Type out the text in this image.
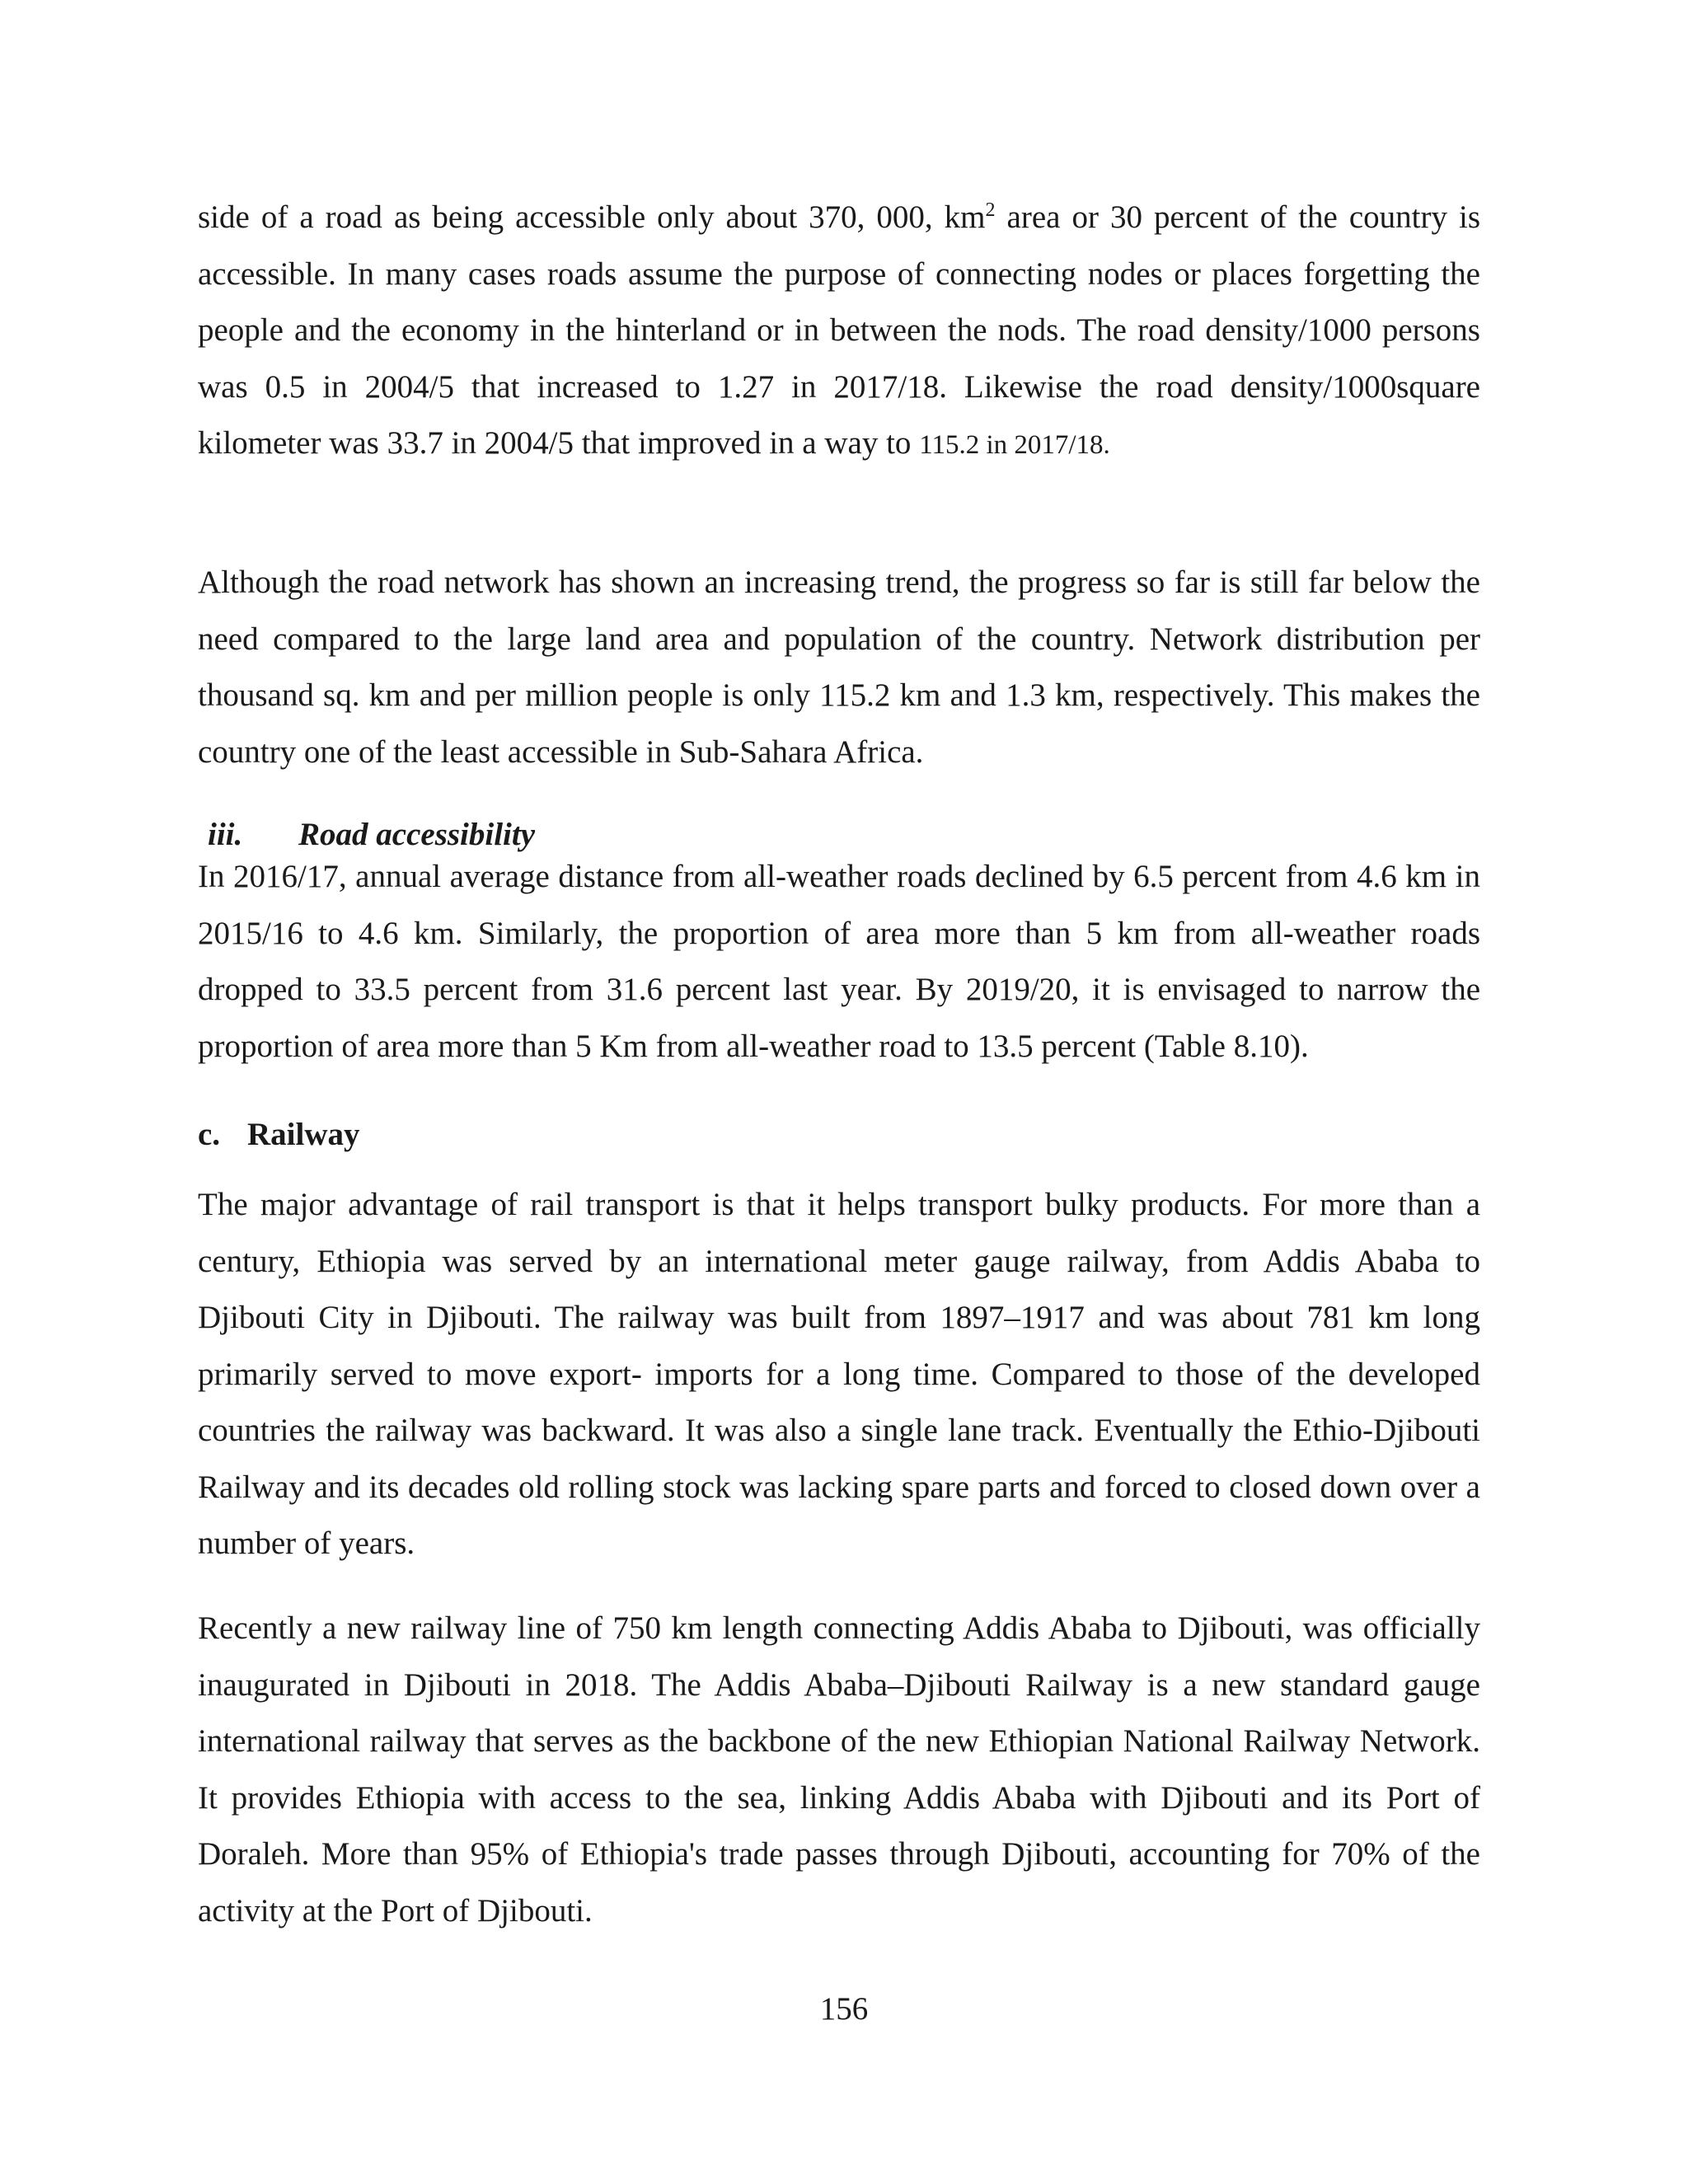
side of a road as being accessible only about 370, 000, $km^2$ area or 30 percent of the country is accessible. In many cases roads assume the purpose of connecting nodes or places forgetting the people and the economy in the hinterland or in between the nods. The road density/1000 persons was 0.5 in 2004/5 that increased to 1.27 in 2017/18. Likewise the road density/1000square kilometer was 33.7 in 2004/5 that improved in a way to 115.2 in 2017/18.

Although the road network has shown an increasing trend, the progress so far is still far below the need compared to the large land area and population of the country. Network distribution per thousand sq. km and per million people is only 115.2 km and 1.3 km, respectively. This makes the country one of the least accessible in Sub-Sahara Africa.

iii. Road accessibility

In 2016/17, annual average distance from all-weather roads declined by 6.5 percent from 4.6 km in 2015/16 to 4.6 km. Similarly, the proportion of area more than 5 km from all-weather roads dropped to 33.5 percent from 31.6 percent last year. By 2019/20, it is envisaged to narrow the proportion of area more than 5 Km from all-weather road to 13.5 percent (Table 8.10).

c. Railway

The major advantage of rail transport is that it helps transport bulky products. For more than a century, Ethiopia was served by an international meter gauge railway, from Addis Ababa to Djibouti City in Djibouti. The railway was built from 1897–1917 and was about 781 km long primarily served to move export- imports for a long time. Compared to those of the developed countries the railway was backward. It was also a single lane track. Eventually the Ethio-Djibouti Railway and its decades old rolling stock was lacking spare parts and forced to closed down over a number of years.

Recently a new railway line of 750 km length connecting Addis Ababa to Djibouti, was officially inaugurated in Djibouti in 2018. The Addis Ababa–Djibouti Railway is a new standard gauge international railway that serves as the backbone of the new Ethiopian National Railway Network. It provides Ethiopia with access to the sea, linking Addis Ababa with Djibouti and its Port of Doraleh. More than 95% of Ethiopia's trade passes through Djibouti, accounting for 70% of the activity at the Port of Djibouti.

156
